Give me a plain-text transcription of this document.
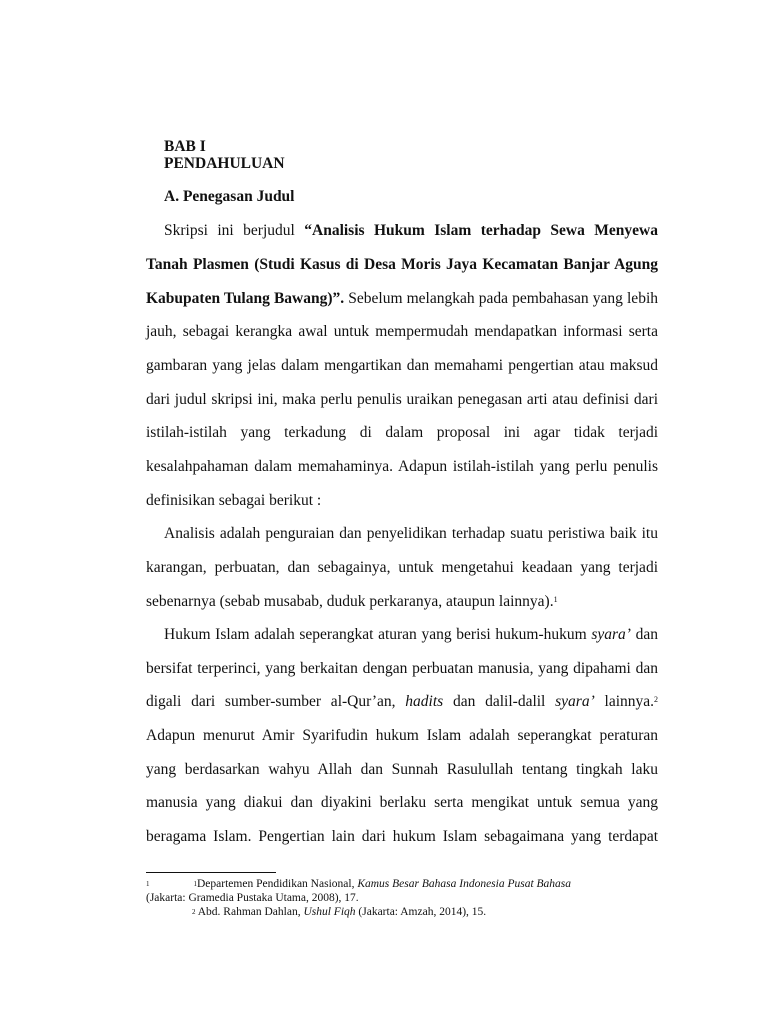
BAB I
PENDAHULUAN
A. Penegasan Judul
Skripsi ini berjudul “Analisis Hukum Islam terhadap Sewa Menyewa
Tanah Plasmen (Studi Kasus di Desa Moris Jaya Kecamatan Banjar Agung
Kabupaten Tulang Bawang)”. Sebelum melangkah pada pembahasan yang lebih
jauh, sebagai kerangka awal untuk mempermudah mendapatkan informasi serta
gambaran yang jelas dalam mengartikan dan memahami pengertian atau maksud
dari judul skripsi ini, maka perlu penulis uraikan penegasan arti atau definisi dari
istilah-istilah yang terkadung di dalam proposal ini agar tidak terjadi
kesalahpahaman dalam memahaminya. Adapun istilah-istilah yang perlu penulis
definisikan sebagai berikut :
Analisis adalah penguraian dan penyelidikan terhadap suatu peristiwa baik itu
karangan, perbuatan, dan sebagainya, untuk mengetahui keadaan yang terjadi
sebenarnya (sebab musabab, duduk perkaranya, ataupun lainnya).$^1$
Hukum Islam adalah seperangkat aturan yang berisi hukum-hukum syara’ dan
bersifat terperinci, yang berkaitan dengan perbuatan manusia, yang dipahami dan
digali dari sumber-sumber al-Qur’an, hadits dan dalil-dalil syara’ lainnya.$^2$
Adapun menurut Amir Syarifudin hukum Islam adalah seperangkat peraturan
yang berdasarkan wahyu Allah dan Sunnah Rasulullah tentang tingkah laku
manusia yang diakui dan diyakini berlaku serta mengikat untuk semua yang
beragama Islam. Pengertian lain dari hukum Islam sebagaimana yang terdapat
$^1$	$^1$Departemen Pendidikan Nasional, Kamus Besar Bahasa Indonesia Pusat Bahasa
(Jakarta: Gramedia Pustaka Utama, 2008), 17.
$^2$ Abd. Rahman Dahlan, Ushul Fiqh (Jakarta: Amzah, 2014), 15.
